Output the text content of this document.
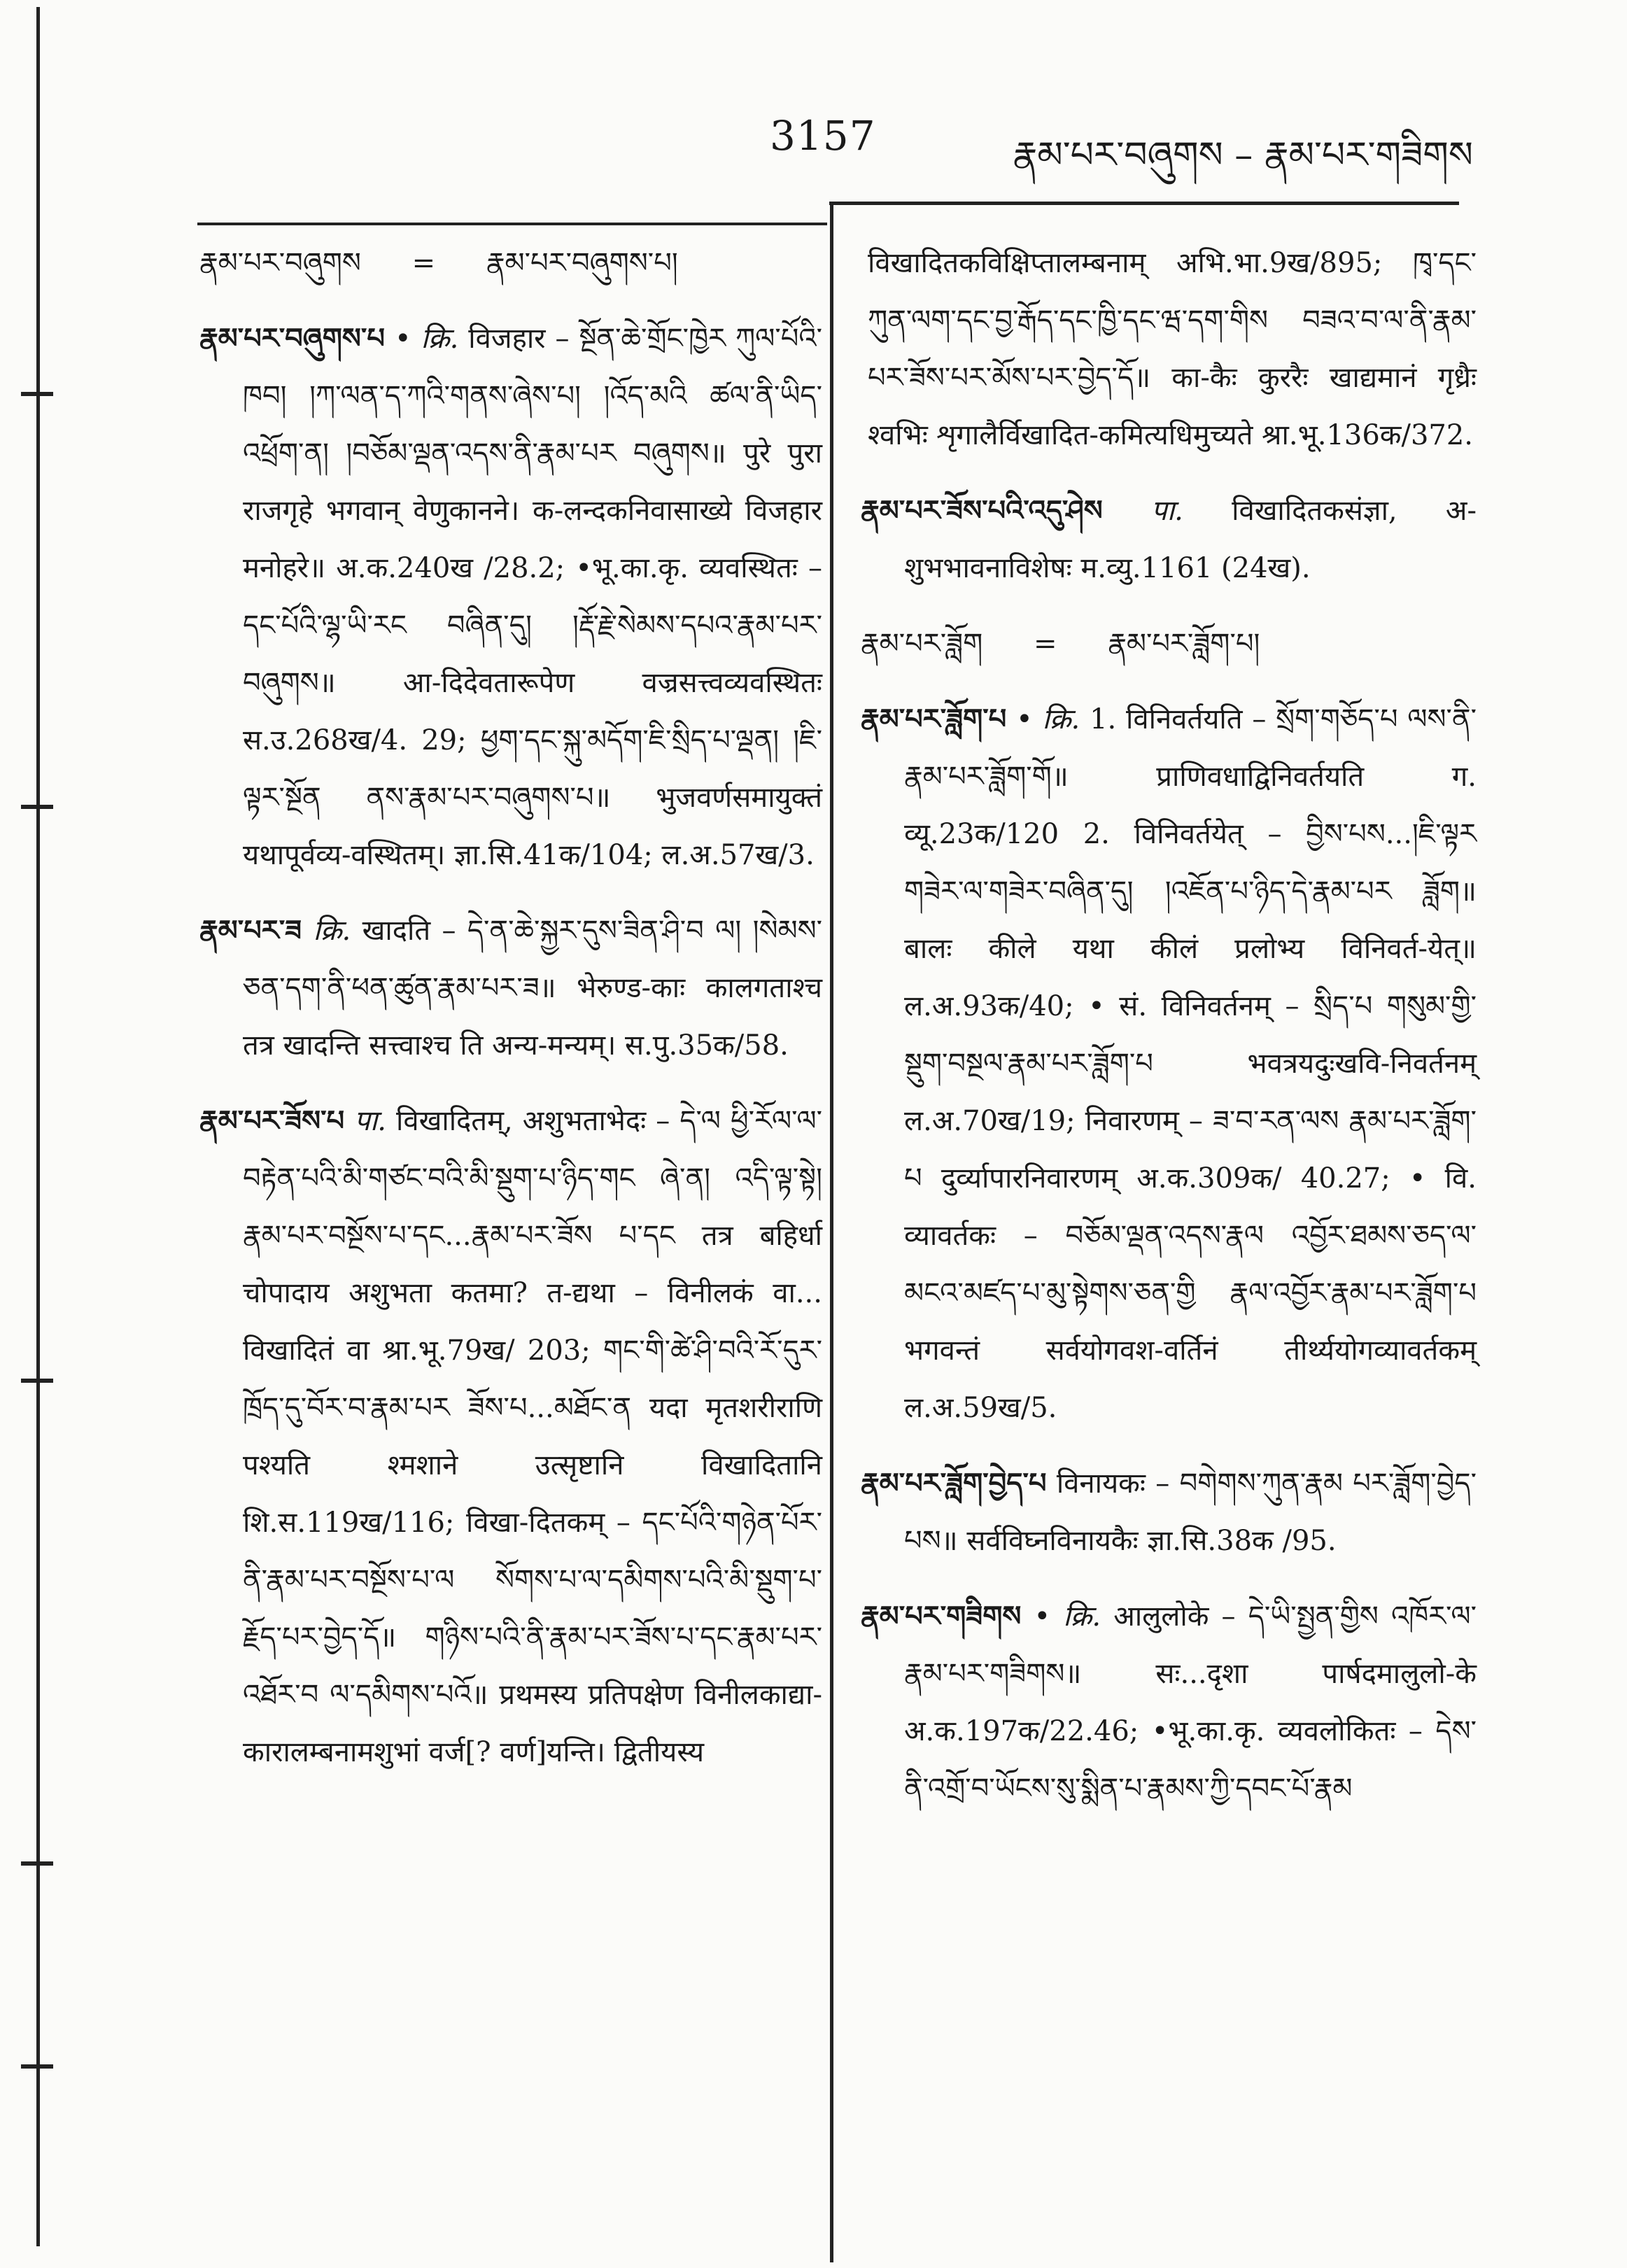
3157	རྣམ་པར་བཞུགས – རྣམ་པར་གཟིགས
རྣམ་པར་བཞུགས = རྣམ་པར་བཞུགས་པ།
རྣམ་པར་བཞུགས་པ • क्रि. विजहार – སྔོན་ཆེ་གྲོང་ཁྱེར ཀུལ་པོའི་ཁབ། །ཀ་ལན་ད་ཀའི་གནས་ཞེས་པ། །འོད་མའི ཚལ་ནི་ཡིད་འཕྲོག་ན། །བཅོམ་ལྡན་འདས་ནི་རྣམ་པར བཞུགས॥ पुरे पुरा राजगृहे भगवान् वेणुकानने। क-लन्दकनिवासाख्ये विजहार मनोहरे॥ अ.क.240ख /28.2; •भू.का.कृ. व्यवस्थितः – དང་པོའི་ལྷ་ཡི་རང བཞིན་དུ། །རྡོ་རྗེ་སེམས་དཔའ་རྣམ་པར་བཞུགས॥ आ-दिदेवतारूपेण वज्रसत्त्वव्यवस्थितः स.उ.268ख/4. 29; ཕྱག་དང་སྐུ་མདོག་ཇི་སྲིད་པ་ལྡན། །ཇི་ལྟར་སྔོན ནས་རྣམ་པར་བཞུགས་པ॥ भुजवर्णसमायुक्तं यथापूर्वव्य-वस्थितम्। ज्ञा.सि.41क/104; ल.अ.57ख/3.
རྣམ་པར་ཟ क्रि. खादति – དེ་ན་ཆེ་སྐྱར་དུས་ཟིན་ཤི་བ ལ། །སེམས་ཅན་དག་ནི་ཕན་ཚུན་རྣམ་པར་ཟ॥ भेरुण्ड-काः कालगताश्च तत्र खादन्ति सत्त्वाश्च ति अन्य-मन्यम्। स.पु.35क/58.
རྣམ་པར་ཟོས་པ पा. विखादितम्, अशुभताभेदः – དེ་ལ ཕྱི་རོལ་ལ་བརྟེན་པའི་མི་གཙང་བའི་མི་སྡུག་པ་ཉིད་གང ཞེ་ན། འདི་ལྟ་སྟེ། རྣམ་པར་བསྔོས་པ་དང...རྣམ་པར་ཟོས པ་དང तत्र बहिर्धा चोपादाय अशुभता कतमा? त-द्यथा – विनीलकं वा... विखादितं वा श्रा.भू.79ख/ 203; གང་གི་ཚེ་ཤི་བའི་རོ་དུར་ཁྲོད་དུ་བོར་བ་རྣམ་པར ཟོས་པ...མཐོང་ན यदा मृतशरीराणि पश्यति श्मशाने उत्सृष्टानि विखादितानि शि.स.119ख/116; विखा-दितकम् – དང་པོའི་གཉེན་པོར་ནི་རྣམ་པར་བསྔོས་པ་ལ སོགས་པ་ལ་དམིགས་པའི་མི་སྡུག་པ་རྗོད་པར་བྱེད་དོ॥ གཉིས་པའི་ནི་རྣམ་པར་ཟོས་པ་དང་རྣམ་པར་འཐོར་བ ལ་དམིགས་པའོ॥ प्रथमस्य प्रतिपक्षेण विनीलकाद्या-कारालम्बनामशुभां वर्ज[? वर्ण]यन्ति। द्वितीयस्य
विखादितकविक्षिप्तालम्बनाम् अभि.भा.9ख/895; ཁྭ་དང་ཀུན་ལག་དང་བྱ་རྒོད་དང་ཁྱི་དང་ཝ་དག་གིས བཟའ་བ་ལ་ནི་རྣམ་པར་ཟོས་པར་མོས་པར་བྱེད་དོ॥ का-कैः कुररैः खाद्यमानं गृध्रैः श्वभिः शृगालैर्विखादित-कमित्यधिमुच्यते श्रा.भू.136क/372.
རྣམ་པར་ཟོས་པའི་འདུ་ཤེས पा. विखादितकसंज्ञा, अ-शुभभावनाविशेषः म.व्यु.1161 (24ख).
རྣམ་པར་ཟློག = རྣམ་པར་ཟློག་པ།
རྣམ་པར་ཟློག་པ • क्रि. 1. विनिवर्तयति – སྲོག་གཅོད་པ ལས་ནི་རྣམ་པར་ཟློག་གོ॥ प्राणिवधाद्विनिवर्तयति ग. व्यू.23क/120 2. विनिवर्तयेत् – བྱིས་པས...།ཇི་ལྟར གཟེར་ལ་གཟེར་བཞིན་དུ། །འཇོན་པ་ཉིད་དེ་རྣམ་པར ཟློག॥ बालः कीले यथा कीलं प्रलोभ्य विनिवर्त-येत्॥ ल.अ.93क/40; • सं. विनिवर्तनम् – སྲིད་པ གསུམ་གྱི་སྡུག་བསྔལ་རྣམ་པར་ཟློག་པ भवत्रयदुःखवि-निवर्तनम् ल.अ.70ख/19; निवारणम् – ཟ་བ་རན་ལས རྣམ་པར་ཟློག་པ दुर्व्यापारनिवारणम् अ.क.309क/ 40.27; • वि. व्यावर्तकः – བཅོམ་ལྡན་འདས་རྣལ འབྱོར་ཐམས་ཅད་ལ་མངའ་མཛད་པ་མུ་སྟེགས་ཅན་གྱི རྣལ་འབྱོར་རྣམ་པར་ཟློག་པ भगवन्तं सर्वयोगवश-वर्तिनं तीर्थ्ययोगव्यावर्तकम् ल.अ.59ख/5.
རྣམ་པར་ཟློག་བྱེད་པ विनायकः – བགེགས་ཀུན་རྣམ པར་ཟློག་བྱེད་པས॥ सर्वविघ्नविनायकैः ज्ञा.सि.38क /95.
རྣམ་པར་གཟིགས • क्रि. आलुलोके – དེ་ཡི་སྤྱན་གྱིས འཁོར་ལ་རྣམ་པར་གཟིགས॥ सः...दृशा पार्षदमालुलो-के अ.क.197क/22.46; •भू.का.कृ. व्यवलोकितः – དེས་ནི་འགྲོ་བ་ཡོངས་སུ་སྨིན་པ་རྣམས་ཀྱི་དབང་པོ་རྣམ
